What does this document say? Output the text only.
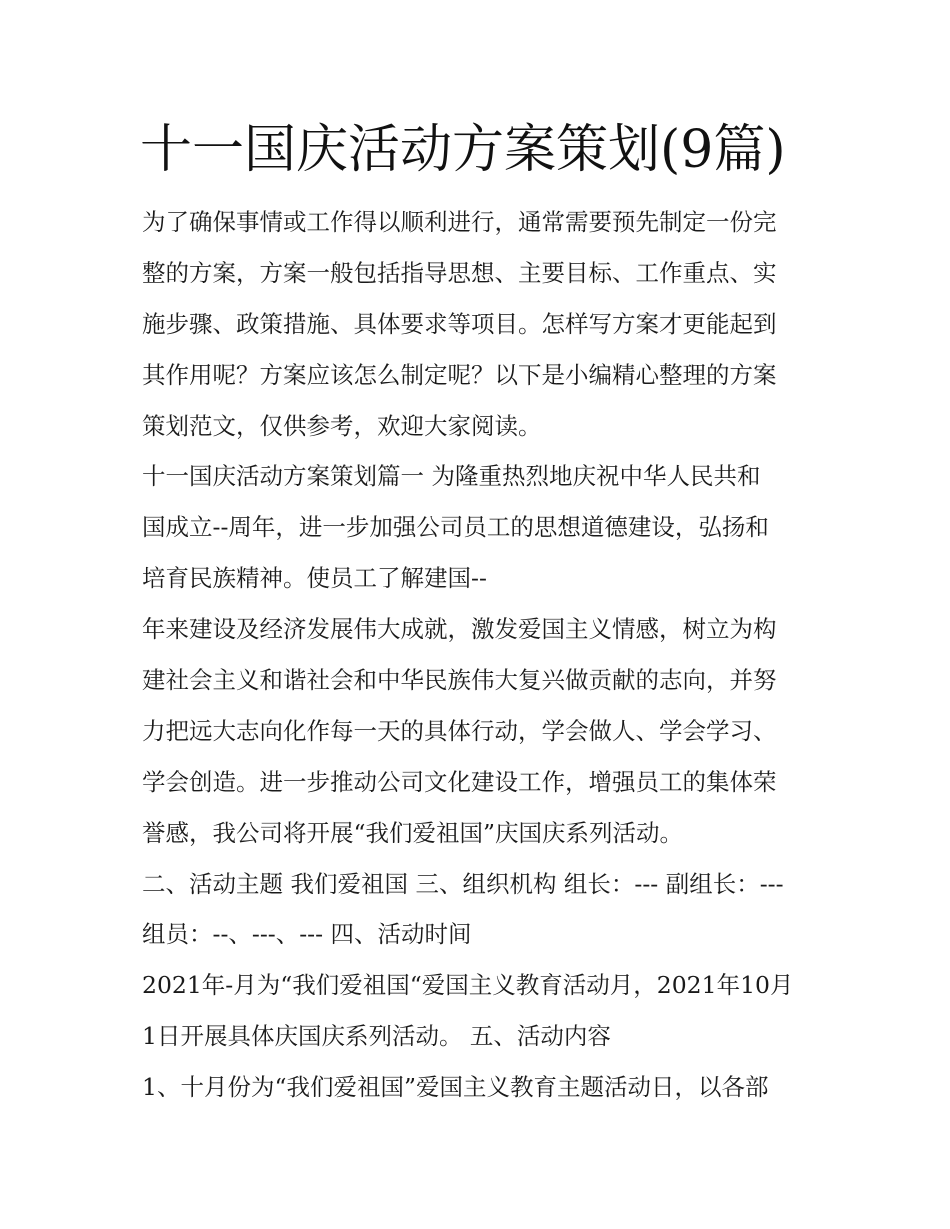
十一国庆活动方案策划(9篇)

为了确保事情或工作得以顺利进行，通常需要预先制定一份完

整的方案，方案一般包括指导思想、主要目标、工作重点、实

施步骤、政策措施、具体要求等项目。怎样写方案才更能起到

其作用呢？方案应该怎么制定呢？以下是小编精心整理的方案

策划范文，仅供参考，欢迎大家阅读。

十一国庆活动方案策划篇一 为隆重热烈地庆祝中华人民共和

国成立--周年，进一步加强公司员工的思想道德建设，弘扬和

培育民族精神。使员工了解建国--

年来建设及经济发展伟大成就，激发爱国主义情感，树立为构

建社会主义和谐社会和中华民族伟大复兴做贡献的志向，并努

力把远大志向化作每一天的具体行动，学会做人、学会学习、

学会创造。进一步推动公司文化建设工作，增强员工的集体荣

誉感，我公司将开展“我们爱祖国”庆国庆系列活动。

二、活动主题 我们爱祖国 三、组织机构 组长：--- 副组长：---

组员：--、---、--- 四、活动时间

2021年-月为“我们爱祖国“爱国主义教育活动月，2021年10月

1日开展具体庆国庆系列活动。 五、活动内容

1、十月份为“我们爱祖国”爱国主义教育主题活动日，以各部
